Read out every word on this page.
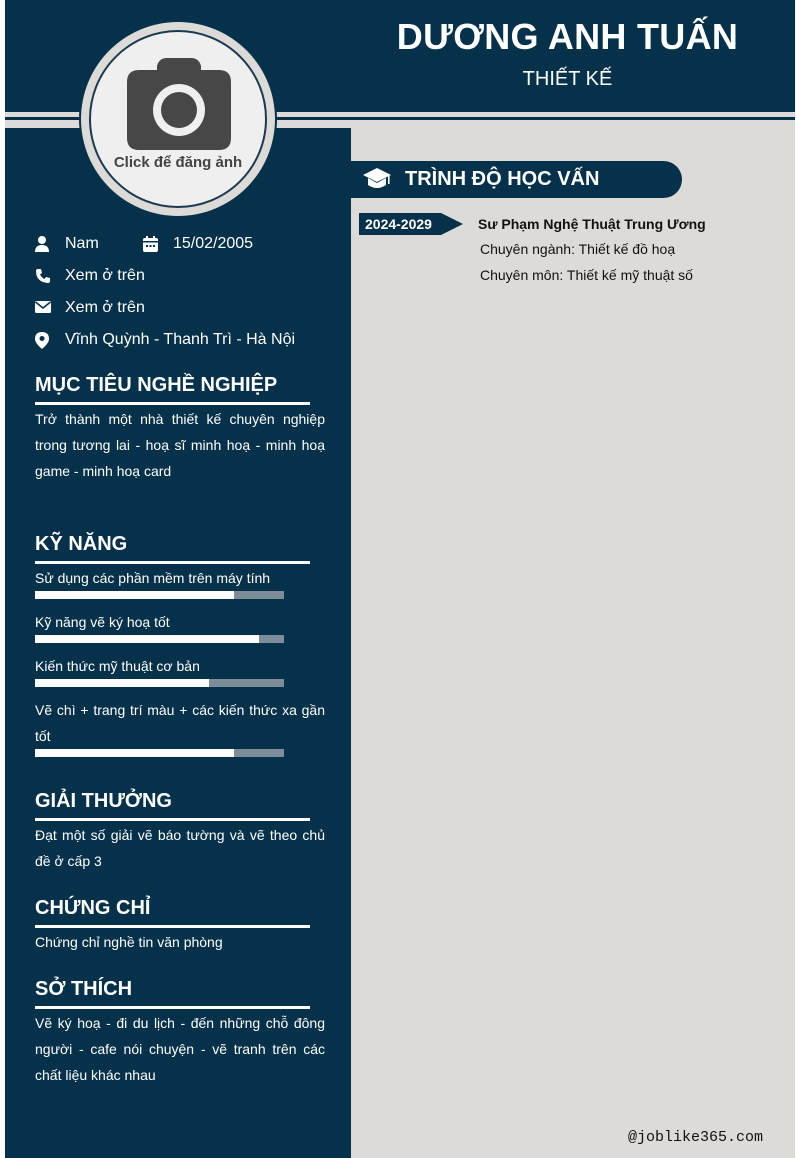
DƯƠNG ANH TUẤN
THIẾT KẾ
Click để đăng ảnh
Nam	15/02/2005
Xem ở trên
Xem ở trên
Vĩnh Quỳnh - Thanh Trì - Hà Nội
MỤC TIÊU NGHỀ NGHIỆP
Trở thành một nhà thiết kế chuyên nghiệp trong tương lai - hoạ sĩ minh hoạ - minh hoạ game - minh hoạ card
KỸ NĂNG
Sử dụng các phần mềm trên máy tính
Kỹ năng vẽ ký hoạ tốt
Kiến thức mỹ thuật cơ bản
Vẽ chì + trang trí màu + các kiến thức xa gần tốt
GIẢI THƯỞNG
Đạt một số giải vẽ báo tường và vẽ theo chủ đề ở cấp 3
CHỨNG CHỈ
Chứng chỉ nghề tin văn phòng
SỞ THÍCH
Vẽ ký hoạ - đi du lịch - đến những chỗ đông người - cafe nói chuyện - vẽ tranh trên các chất liệu khác nhau
TRÌNH ĐỘ HỌC VẤN
2024-2029	Sư Phạm Nghệ Thuật Trung Ương
Chuyên ngành: Thiết kế đồ hoạ
Chuyên môn: Thiết kế mỹ thuật số
@joblike365.com
